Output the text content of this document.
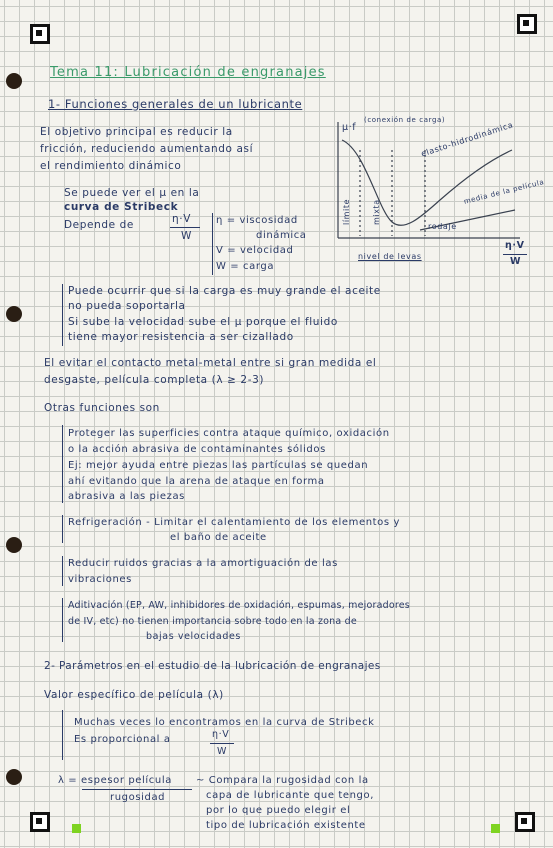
Tema 11: Lubricación de engranajes
1- Funciones generales de un lubricante
El objetivo principal es reducir la
fricción, reduciendo aumentando así
el rendimiento dinámico
Se puede ver el μ en la
curva de Stribeck
Depende de	η·V
W
η = viscosidad
dinámica
V = velocidad
W = carga
μ·f
(conexión de carga)
elasto-hidrodinámica
límite	mixta
rodaje
media de la película
η·V
W
nivel de levas
Puede ocurrir que si la carga es muy grande el aceite
no pueda soportarla
Si sube la velocidad sube el μ porque el fluido
tiene mayor resistencia a ser cizallado
El evitar el contacto metal-metal entre si gran medida el
desgaste, película completa (λ ≥ 2-3)
Otras funciones son
Proteger las superficies contra ataque químico, oxidación
o la acción abrasiva de contaminantes sólidos
Ej: mejor ayuda entre piezas las partículas se quedan
ahí evitando que la arena de ataque en forma
abrasiva a las piezas
Refrigeración - Limitar el calentamiento de los elementos y
el baño de aceite
Reducir ruidos gracias a la amortiguación de las
vibraciones
Aditivación (EP, AW, inhibidores de oxidación, espumas, mejoradores
de IV, etc) no tienen importancia sobre todo en la zona de
bajas velocidades
2- Parámetros en el estudio de la lubricación de engranajes
Valor específico de película (λ)
Muchas veces lo encontramos en la curva de Stribeck
Es proporcional a	η·V
W
λ = espesor película
rugosidad
~ Compara la rugosidad con la
capa de lubricante que tengo,
por lo que puedo elegir el
tipo de lubricación existente
